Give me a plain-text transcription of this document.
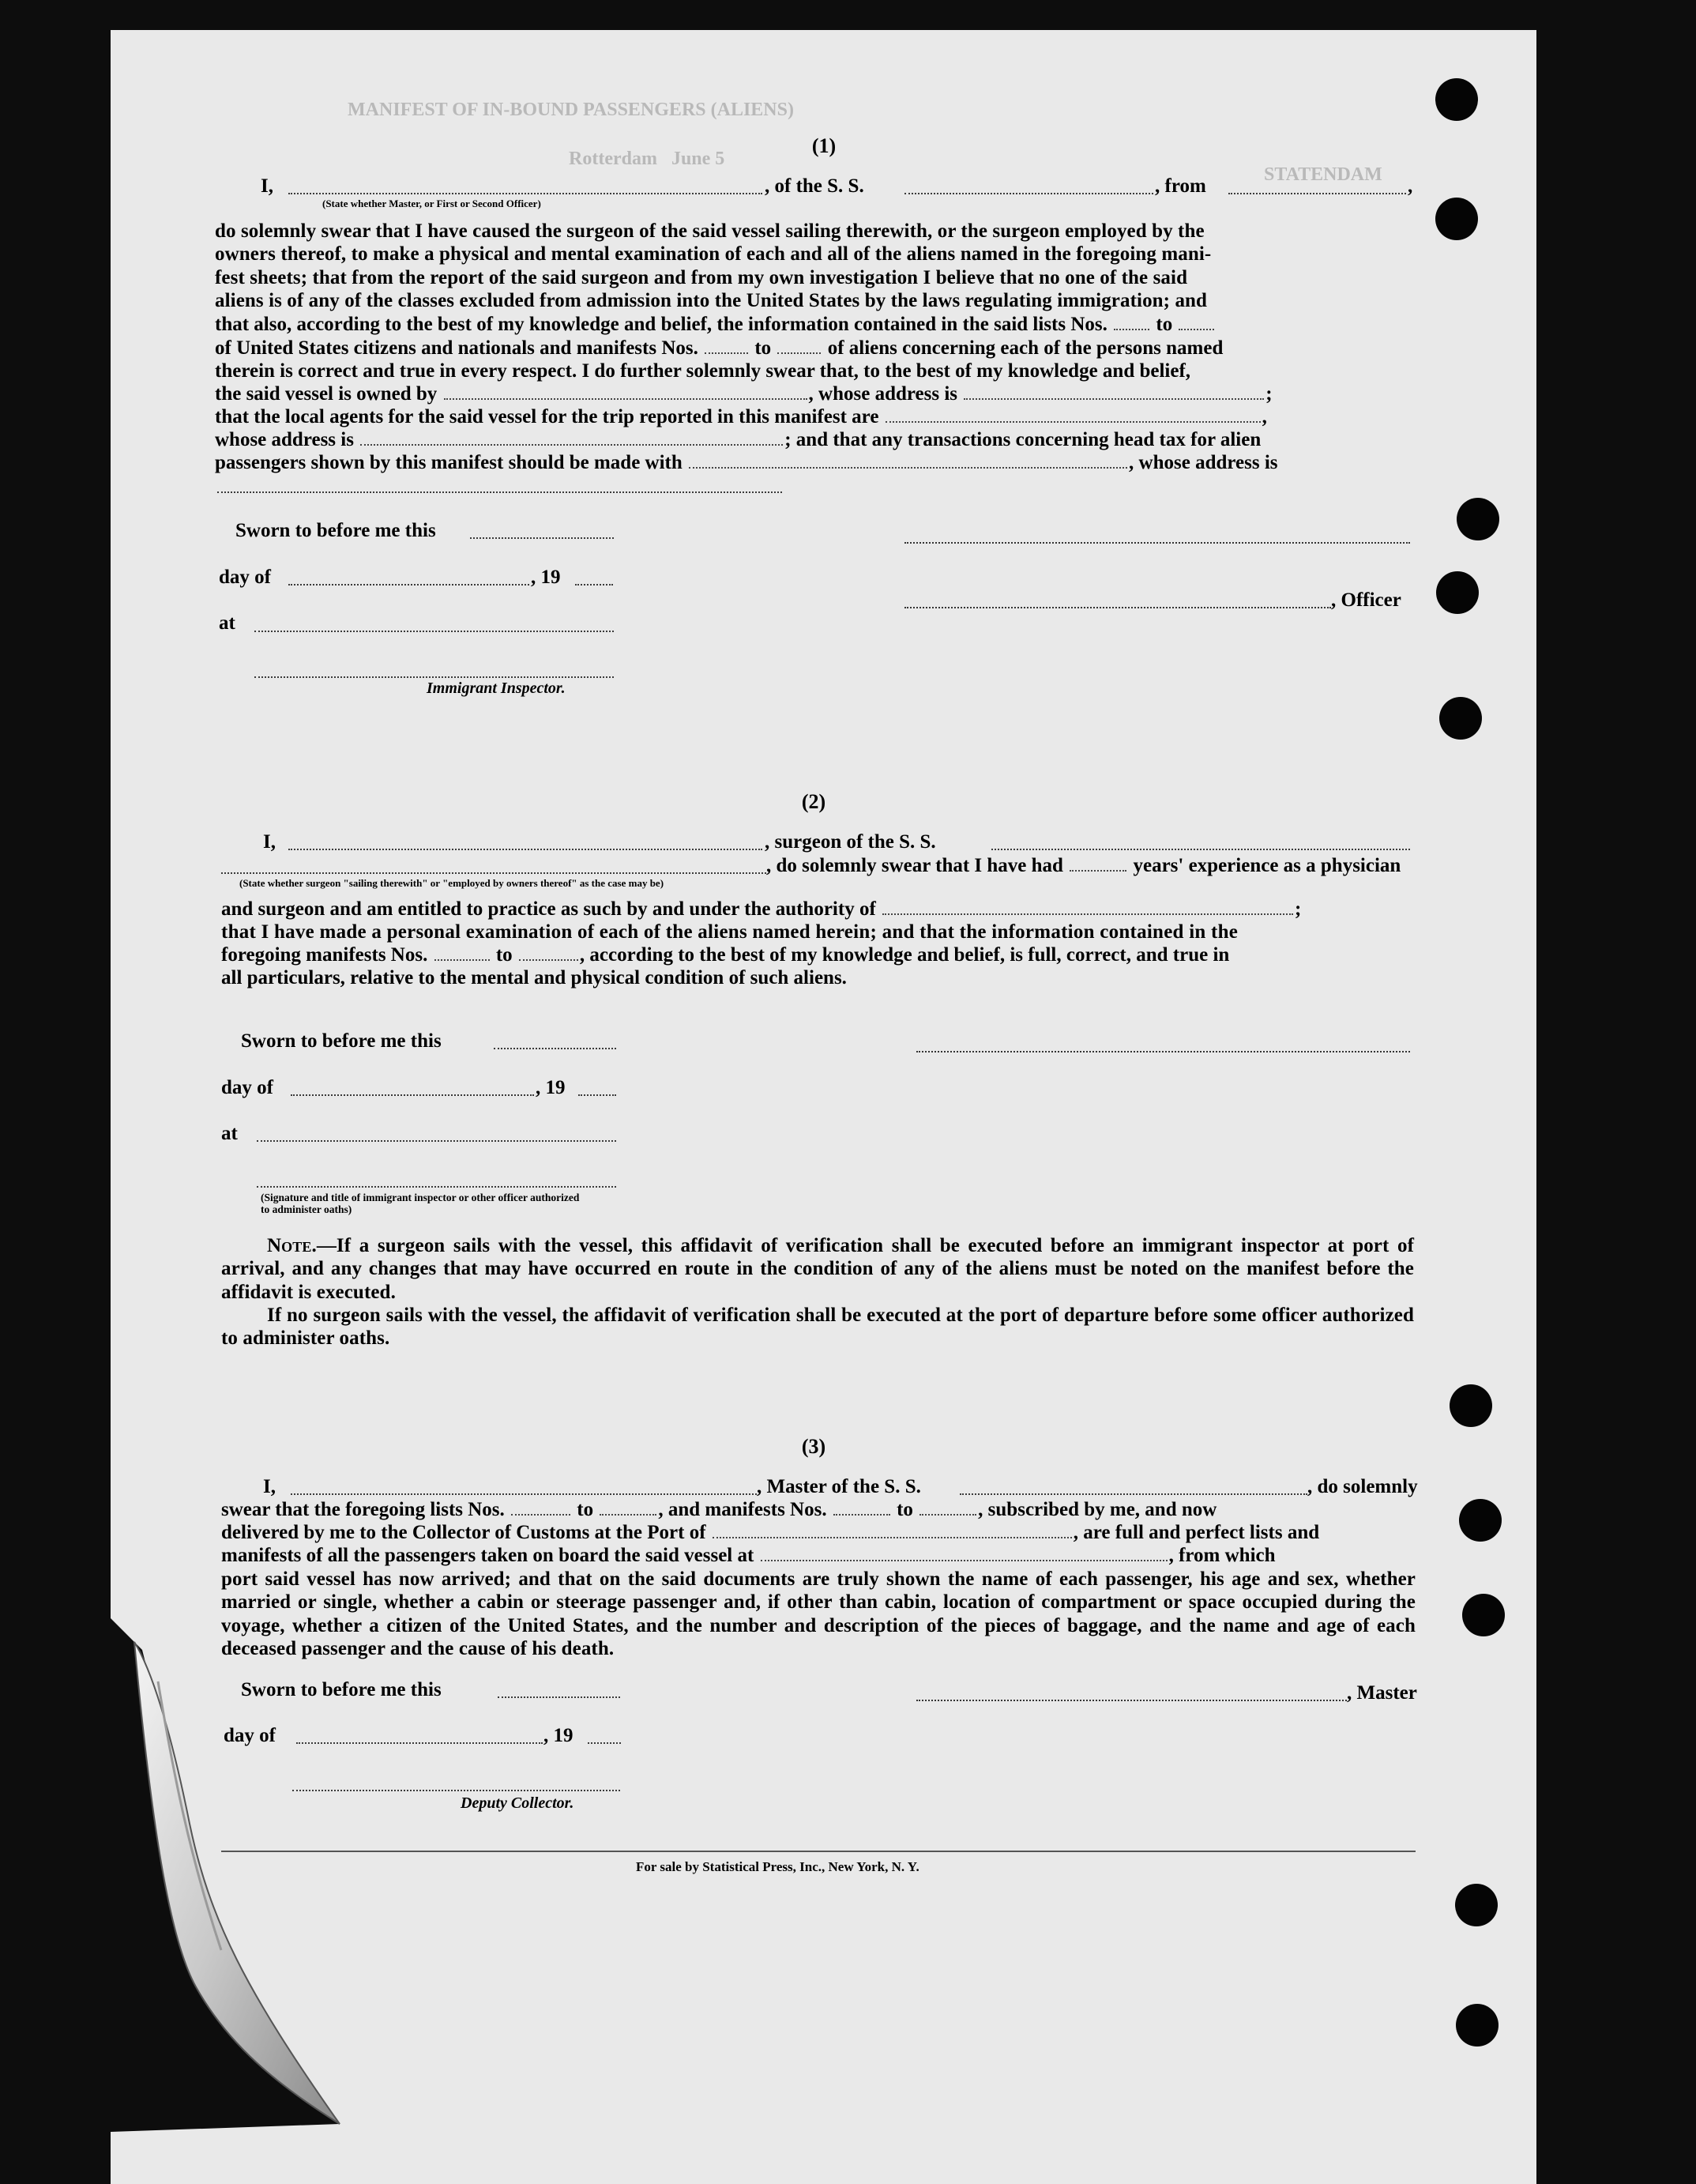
MANIFEST OF IN-BOUND PASSENGERS (ALIENS)
Rotterdam   June 5
STATENDAM

(1)
I,
(State whether Master, or First or Second Officer)
, of the S. S.	, from	,
do solemnly swear that I have caused the surgeon of the said vessel sailing therewith, or the surgeon employed by the
owners thereof, to make a physical and mental examination of each and all of the aliens named in the foregoing mani-
fest sheets; that from the report of the said surgeon and from my own investigation I believe that no one of the said
aliens is of any of the classes excluded from admission into the United States by the laws regulating immigration; and
that also, according to the best of my knowledge and belief, the information contained in the said lists Nos. to
of United States citizens and nationals and manifests Nos.	to	of aliens concerning each of the persons named
therein is correct and true in every respect. I do further solemnly swear that, to the best of my knowledge and belief,
the said vessel is owned by	, whose address is	;
that the local agents for the said vessel for the trip reported in this manifest are	,
whose address is	; and that any transactions concerning head tax for alien
passengers shown by this manifest should be made with	, whose address is
Sworn to before me this
day of	, 19
, Officer
at
Immigrant Inspector.
(2)
I,	, surgeon of the S. S.
, do solemnly swear that I have had	years' experience as a physician
(State whether surgeon "sailing therewith" or "employed by owners thereof" as the case may be)
and surgeon and am entitled to practice as such by and under the authority of	;
that I have made a personal examination of each of the aliens named herein; and that the information contained in the
foregoing manifests Nos.	to	, according to the best of my knowledge and belief, is full, correct, and true in
all particulars, relative to the mental and physical condition of such aliens.
Sworn to before me this
day of	, 19
at
(Signature and title of immigrant inspector or other officer authorized to administer oaths)
Note.—If a surgeon sails with the vessel, this affidavit of verification shall be executed before an immigrant inspector at port of arrival, and any changes that may have occurred en route in the condition of any of the aliens must be noted on the manifest before the affidavit is executed.
If no surgeon sails with the vessel, the affidavit of verification shall be executed at the port of departure before some officer authorized to administer oaths.
(3)
I,	, Master of the S. S.	, do solemnly
swear that the foregoing lists Nos.	to	, and manifests Nos.	to	, subscribed by me, and now
delivered by me to the Collector of Customs at the Port of	, are full and perfect lists and
manifests of all the passengers taken on board the said vessel at	, from which
port said vessel has now arrived; and that on the said documents are truly shown the name of each passenger, his age and sex, whether married or single, whether a cabin or steerage passenger and, if other than cabin, location of compartment or space occupied during the voyage, whether a citizen of the United States, and the number and description of the pieces of baggage, and the name and age of each deceased passenger and the cause of his death.
Sworn to before me this	, Master
day of	, 19
Deputy Collector.
For sale by Statistical Press, Inc., New York, N. Y.
